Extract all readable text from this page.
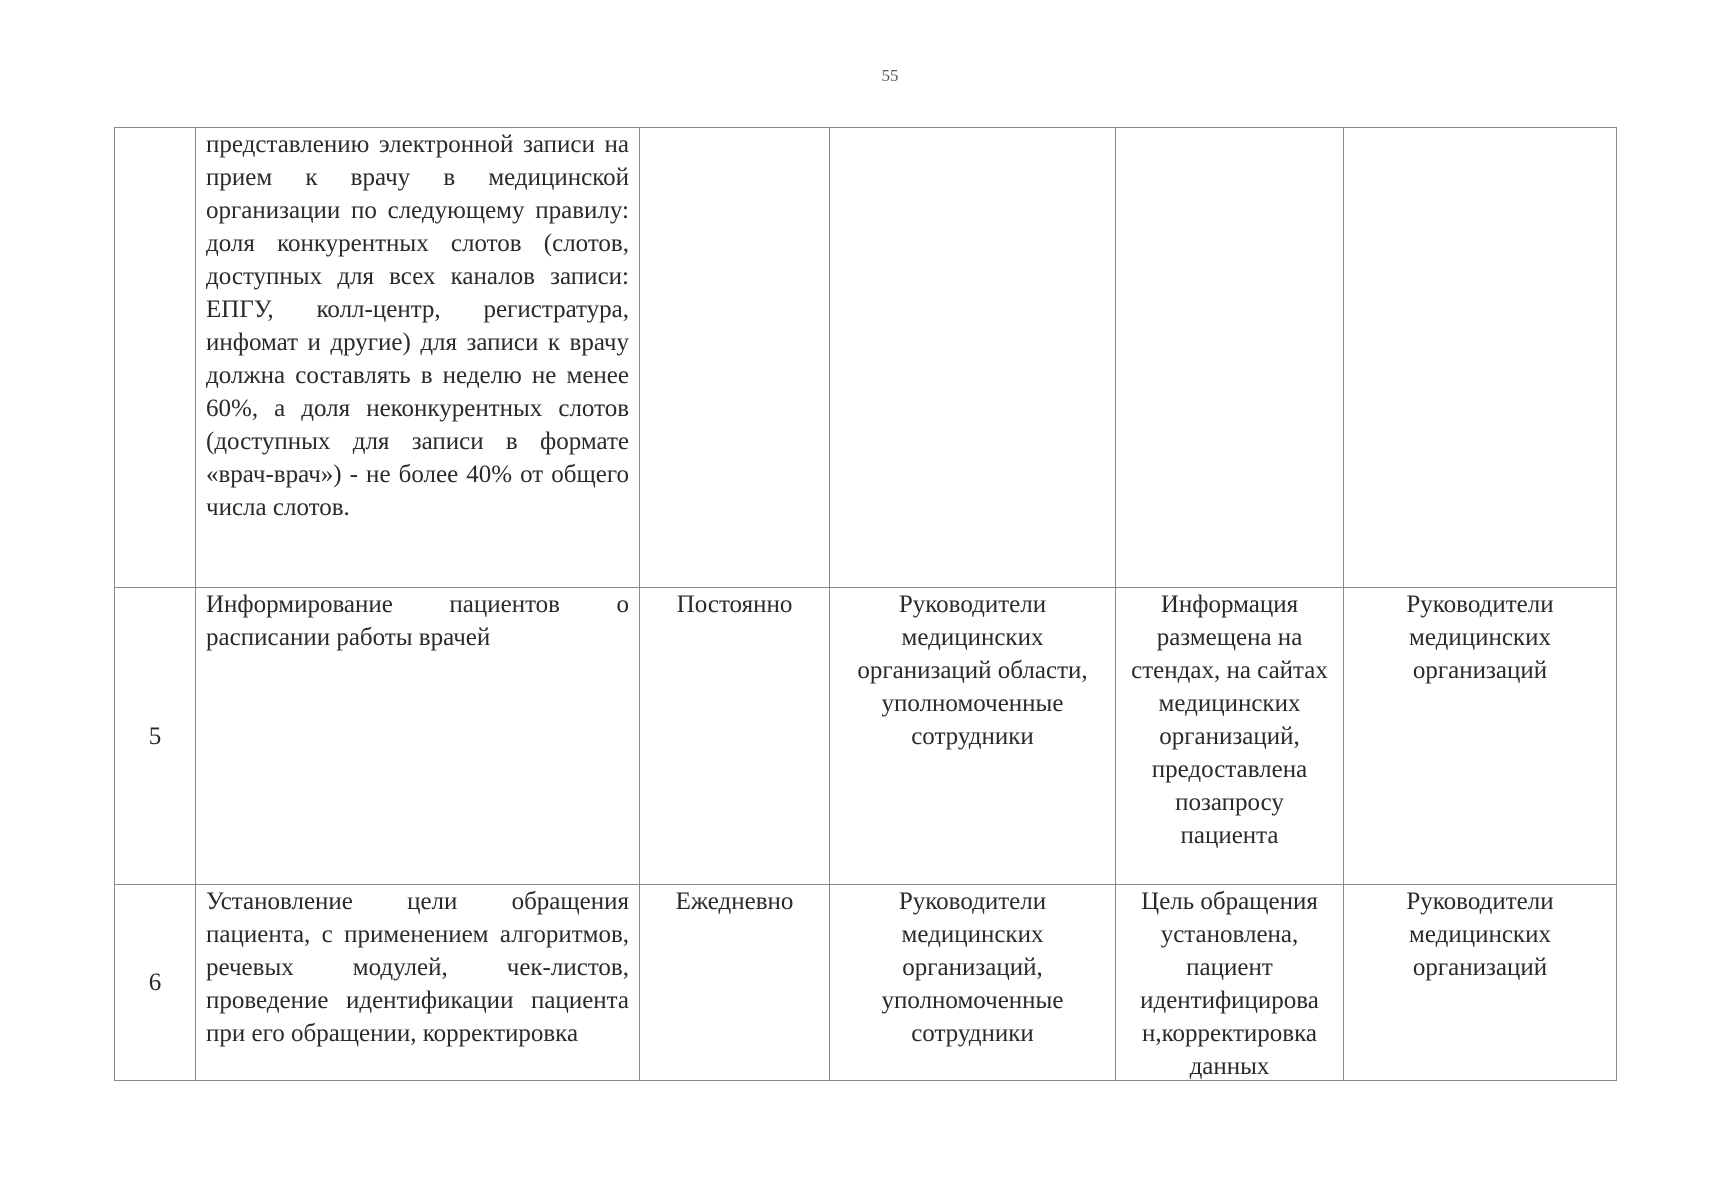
55
	представлению электронной записи на прием к врачу в медицинской организации по следующему правилу: доля конкурентных слотов (слотов, доступных для всех каналов записи: ЕПГУ, колл-центр, регистратура, инфомат и другие) для записи к врачу должна составлять в неделю не менее 60%, а доля неконкурентных слотов (доступных для записи в формате «врач-врач») - не более 40% от общего числа слотов.				
5	Информирование пациентов о расписании работы врачей	Постоянно	Руководители медицинских организаций области, уполномоченные сотрудники	Информация размещена на стендах, на сайтах медицинских организаций, предоставлена позапросу пациента	Руководители медицинских организаций
6	Установление цели обращения пациента, с применением алгоритмов, речевых модулей, чек-листов, проведение идентификации пациента при его обращении, корректировка	Ежедневно	Руководители медицинских организаций, уполномоченные сотрудники	Цель обращения установлена, пациент идентифицирова н,корректировка данных	Руководители медицинских организаций
